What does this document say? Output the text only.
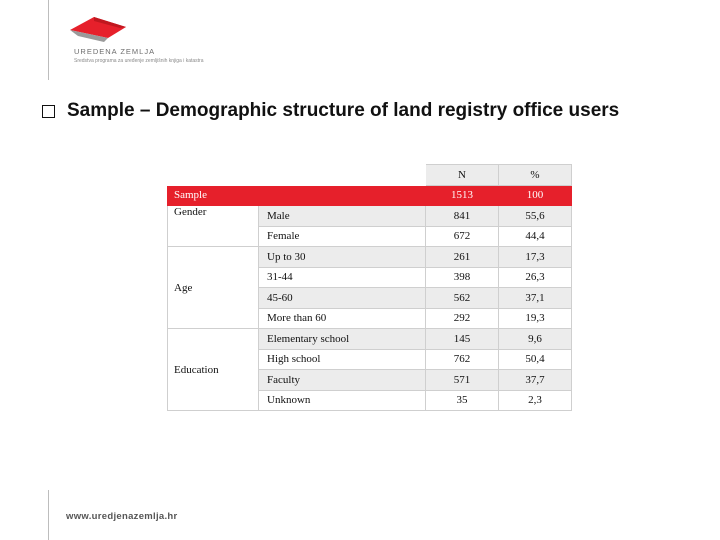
UREDENA ZEMLJA
Sredstva programa za uređenje zemljišnih knjiga i katastra
Sample – Demographic structure of land registry office users
		N	%
Sample		1513	100
Gender	Male	841	55,6
	Female	672	44,4
Age	Up to 30	261	17,3
	31-44	398	26,3
	45-60	562	37,1
	More than 60	292	19,3
Education	Elementary school	145	9,6
	High school	762	50,4
	Faculty	571	37,7
	Unknown	35	2,3
www.uredjenazemlja.hr
